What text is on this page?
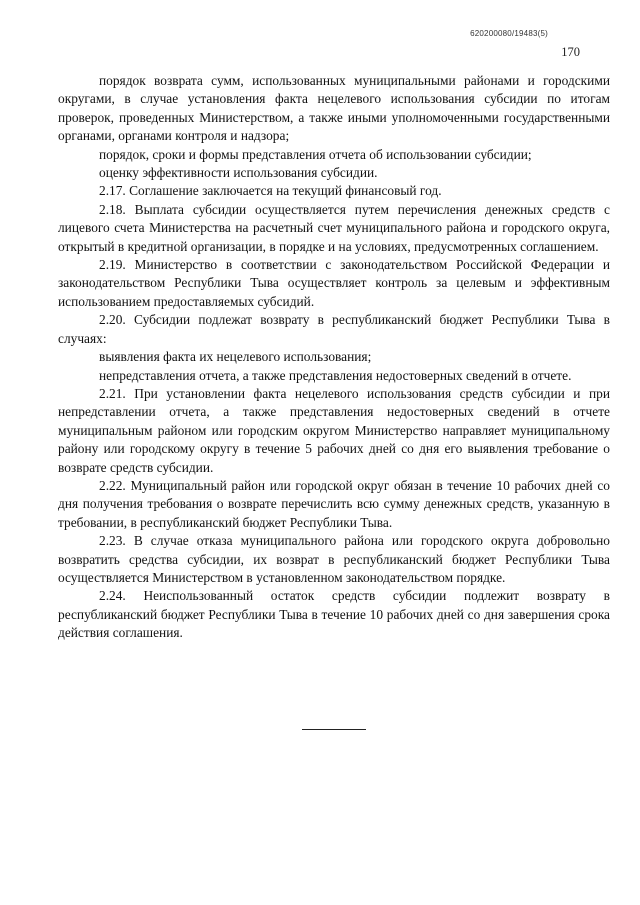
620200080/19483(5)
170

порядок возврата сумм, использованных муниципальными районами и городскими округами, в случае установления факта нецелевого использования субсидии по итогам проверок, проведенных Министерством, а также иными уполномоченными государственными органами, органами контроля и надзора;

порядок, сроки и формы представления отчета об использовании субсидии;

оценку эффективности использования субсидии.

2.17. Соглашение заключается на текущий финансовый год.

2.18. Выплата субсидии осуществляется путем перечисления денежных средств с лицевого счета Министерства на расчетный счет муниципального района и городского округа, открытый в кредитной организации, в порядке и на условиях, предусмотренных соглашением.

2.19. Министерство в соответствии с законодательством Российской Федерации и законодательством Республики Тыва осуществляет контроль за целевым и эффективным использованием предоставляемых субсидий.

2.20. Субсидии подлежат возврату в республиканский бюджет Республики Тыва в случаях:

выявления факта их нецелевого использования;

непредставления отчета, а также представления недостоверных сведений в отчете.

2.21. При установлении факта нецелевого использования средств субсидии и при непредставлении отчета, а также представления недостоверных сведений в отчете муниципальным районом или городским округом Министерство направляет муниципальному району или городскому округу в течение 5 рабочих дней со дня его выявления требование о возврате средств субсидии.

2.22. Муниципальный район или городской округ обязан в течение 10 рабочих дней со дня получения требования о возврате перечислить всю сумму денежных средств, указанную в требовании, в республиканский бюджет Республики Тыва.

2.23. В случае отказа муниципального района или городского округа добровольно возвратить средства субсидии, их возврат в республиканский бюджет Республики Тыва осуществляется Министерством в установленном законодательством порядке.

2.24. Неиспользованный остаток средств субсидии подлежит возврату в республиканский бюджет Республики Тыва в течение 10 рабочих дней со дня завершения срока действия соглашения.
